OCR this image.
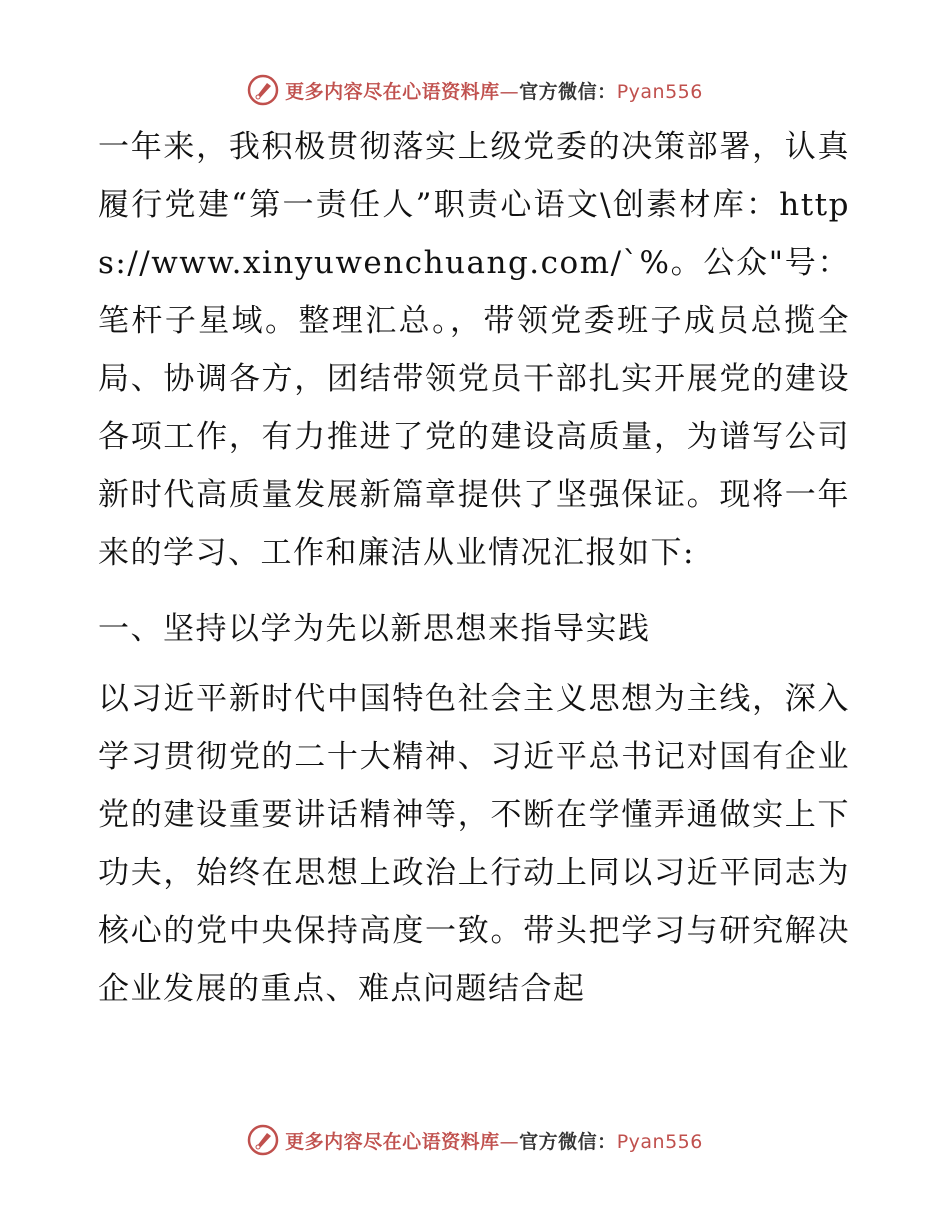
更多内容尽在心语资料库—官方微信：Pyan556

一年来，我积极贯彻落实上级党委的决策部署，认真履行党建“第一责任人”职责心语文\创素材库：https://www.xinyuwenchuang.com/`%。公众"号：笔杆子星域。整理汇总。，带领党委班子成员总揽全局、协调各方，团结带领党员干部扎实开展党的建设各项工作，有力推进了党的建设高质量，为谱写公司新时代高质量发展新篇章提供了坚强保证。现将一年来的学习、工作和廉洁从业情况汇报如下:

一、坚持以学为先以新思想来指导实践

以习近平新时代中国特色社会主义思想为主线，深入学习贯彻党的二十大精神、习近平总书记对国有企业党的建设重要讲话精神等，不断在学懂弄通做实上下功夫，始终在思想上政治上行动上同以习近平同志为核心的党中央保持高度一致。带头把学习与研究解决企业发展的重点、难点问题结合起

更多内容尽在心语资料库—官方微信：Pyan556
